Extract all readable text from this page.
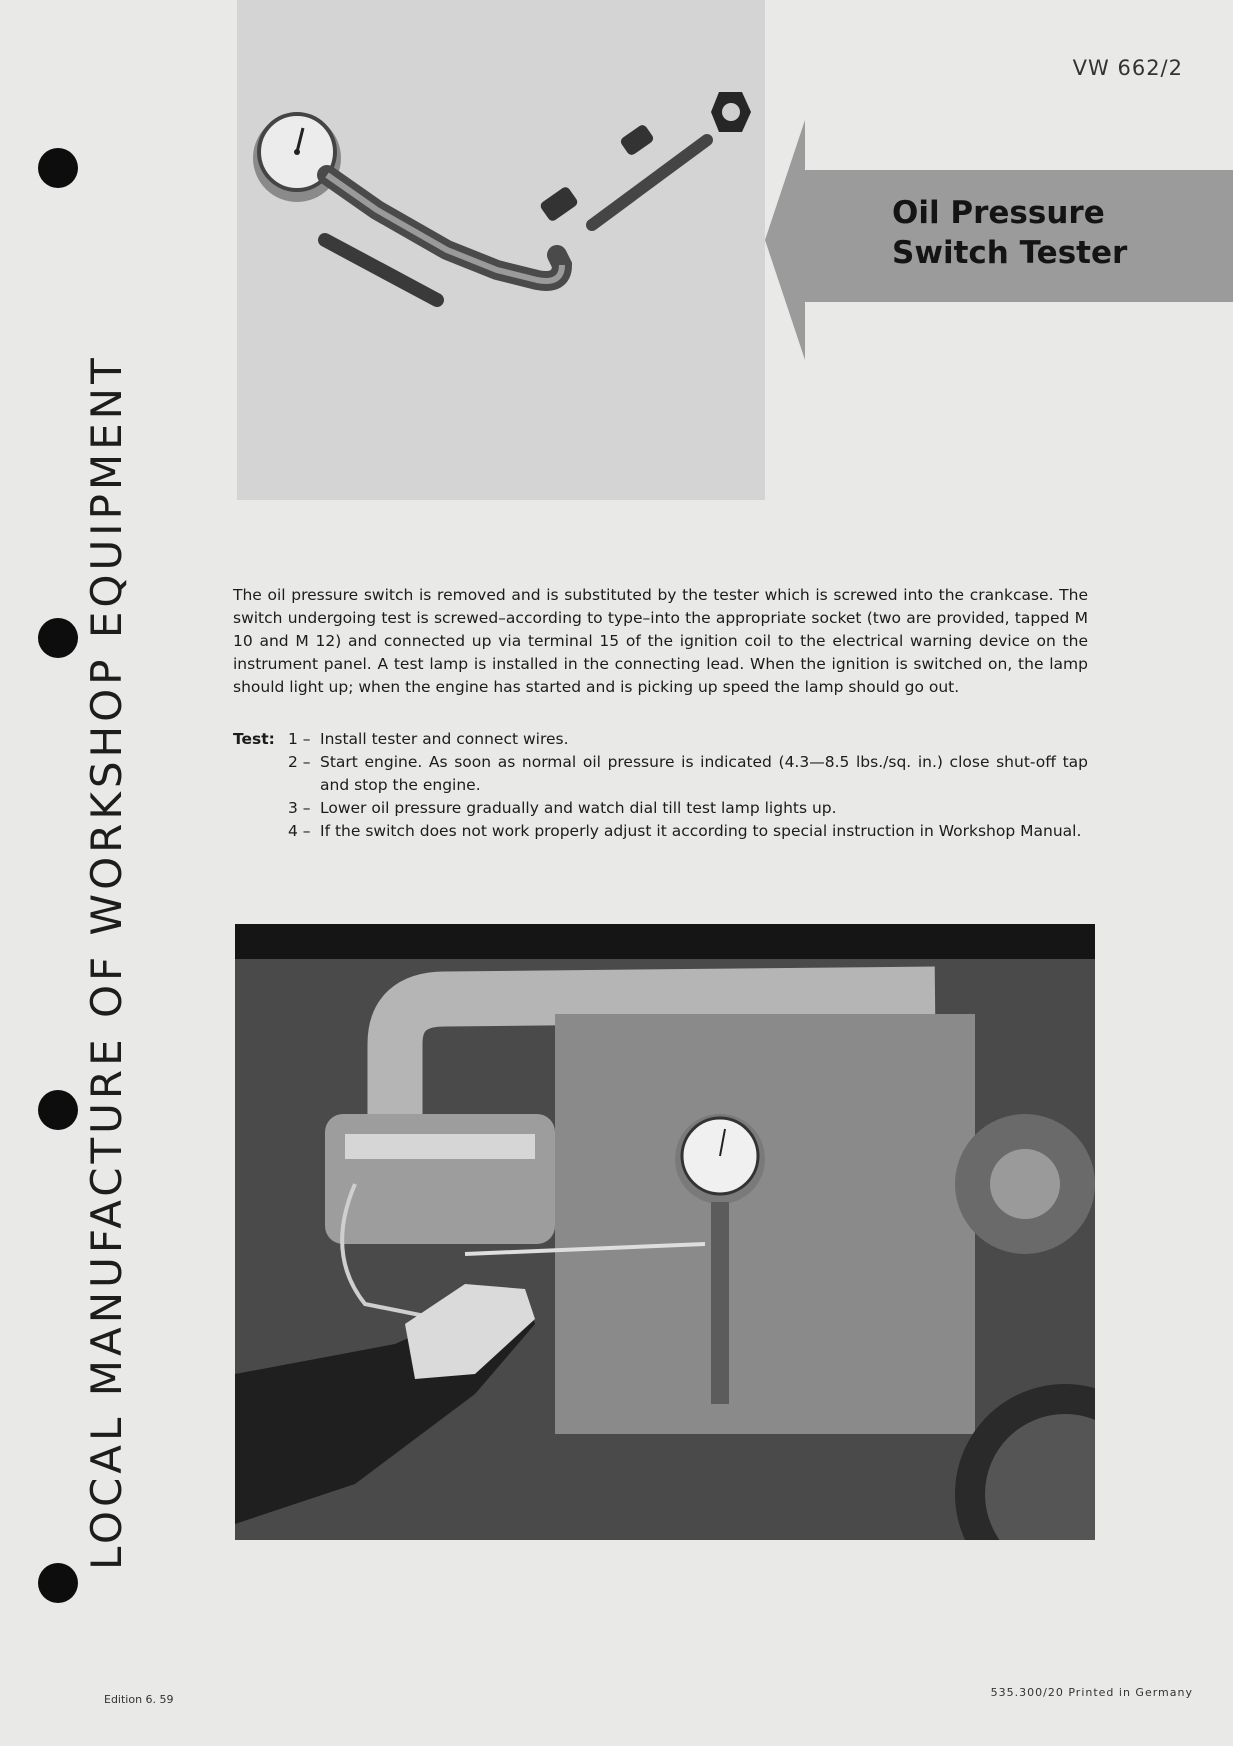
LOCAL MANUFACTURE OF WORKSHOP EQUIPMENT
VW 662/2
Oil Pressure
Switch Tester

The oil pressure switch is removed and is substituted by the tester which is screwed into the crankcase. The switch undergoing test is screwed–according to type–into the appropriate socket (two are provided, tapped M 10 and M 12) and connected up via terminal 15 of the ignition coil to the electrical warning device on the instrument panel. A test lamp is installed in the connecting lead. When the ignition is switched on, the lamp should light up; when the engine has started and is picking up speed the lamp should go out.

Test: 1 – Install tester and connect wires.
2 – Start engine. As soon as normal oil pressure is indicated (4.3—8.5 lbs./sq. in.) close shut-off tap and stop the engine.
3 – Lower oil pressure gradually and watch dial till test lamp lights up.
4 – If the switch does not work properly adjust it according to special instruction in Workshop Manual.
Edition 6. 59
535.300/20 Printed in Germany
